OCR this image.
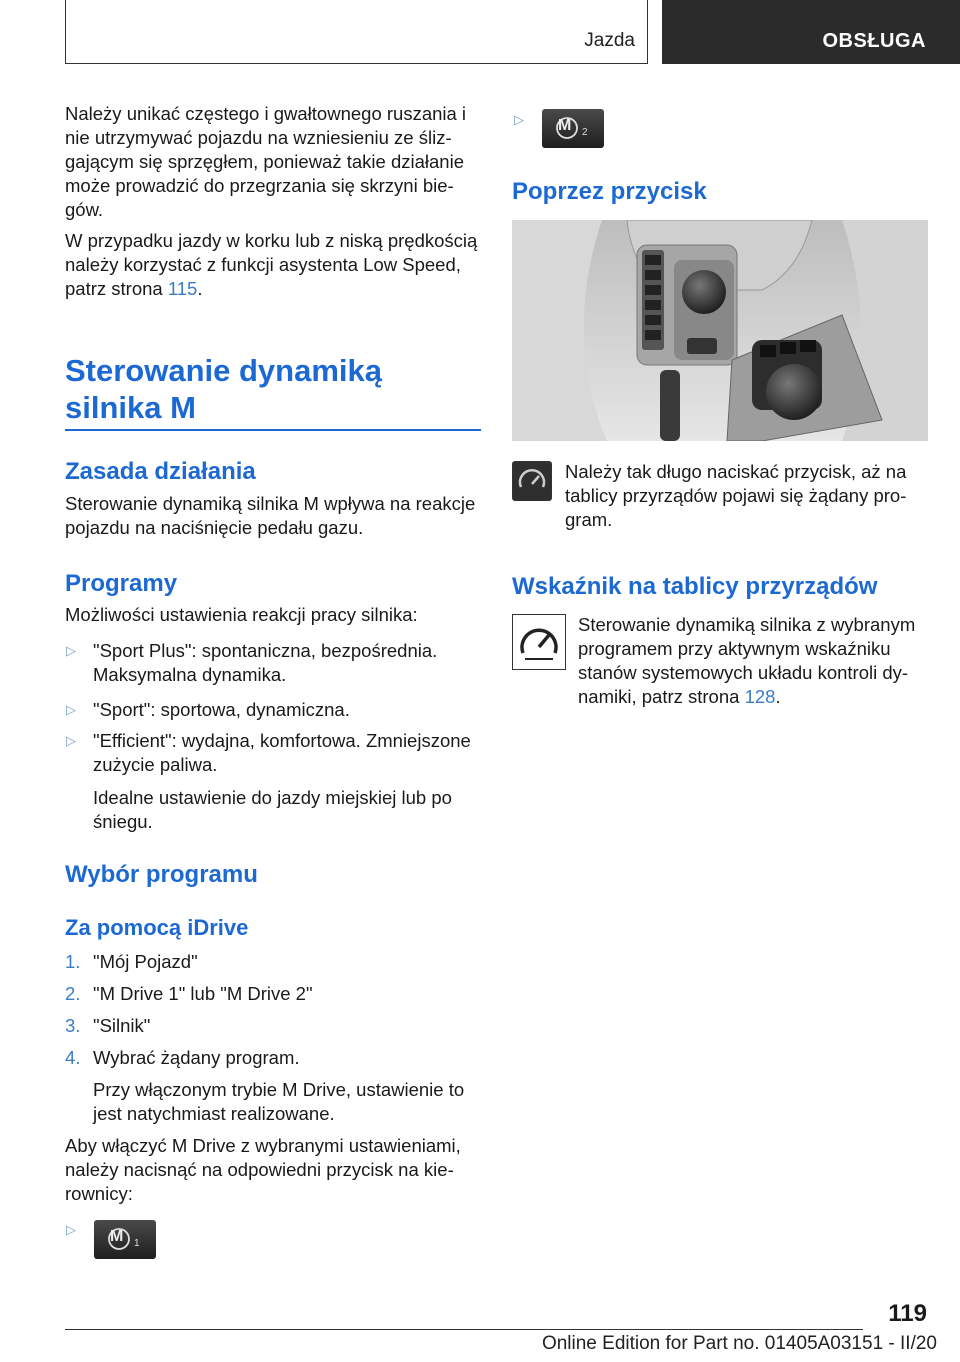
Jazda	OBSŁUGA

Należy unikać częstego i gwałtownego ruszania i nie utrzymywać pojazdu na wzniesieniu ze ślizgającym się sprzęgłem, ponieważ takie działanie może prowadzić do przegrzania się skrzyni biegów.

W przypadku jazdy w korku lub z niską prędkością należy korzystać z funkcji asystenta Low Speed, patrz strona 115.

Sterowanie dynamiką silnika M
Zasada działania
Sterowanie dynamiką silnika M wpływa na reakcje pojazdu na naciśnięcie pedału gazu.
Programy
Możliwości ustawienia reakcji pracy silnika:
▷ "Sport Plus": spontaniczna, bezpośrednia. Maksymalna dynamika.
▷ "Sport": sportowa, dynamiczna.
▷ "Efficient": wydajna, komfortowa. Zmniejszone zużycie paliwa.
Idealne ustawienie do jazdy miejskiej lub po śniegu.
Wybór programu
Za pomocą iDrive
1. "Mój Pojazd"
2. "M Drive 1" lub "M Drive 2"
3. "Silnik"
4. Wybrać żądany program.
Przy włączonym trybie M Drive, ustawienie to jest natychmiast realizowane.
Aby włączyć M Drive z wybranymi ustawieniami, należy nacisnąć na odpowiedni przycisk na kierownicy:
▷ M 1
▷ M 2
Poprzez przycisk

Należy tak długo naciskać przycisk, aż na tablicy przyrządów pojawi się żądany program.

Wskaźnik na tablicy przyrządów
Sterowanie dynamiką silnika z wybranym programem przy aktywnym wskaźniku stanów systemowych układu kontroli dynamiki, patrz strona 128.
119
Online Edition for Part no. 01405A03151 - II/20
